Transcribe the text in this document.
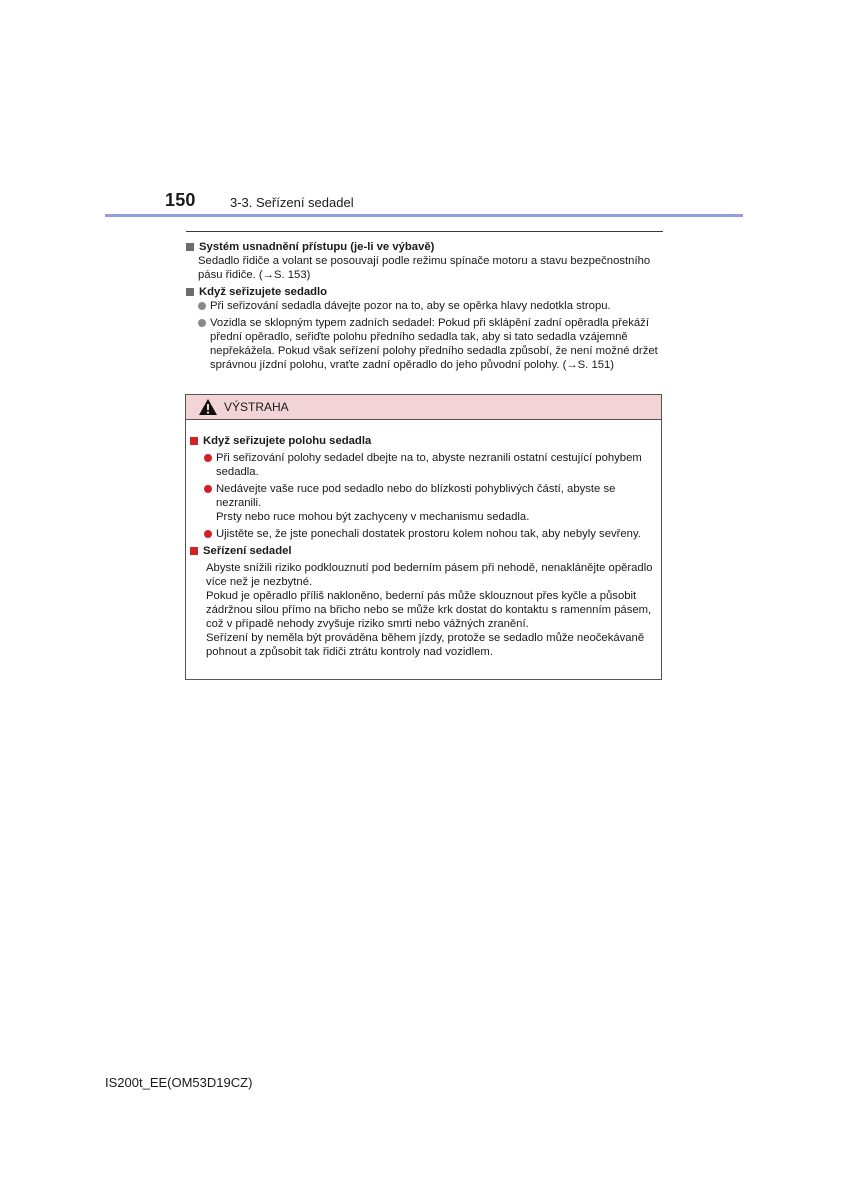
150	3-3. Seřízení sedadel
Systém usnadnění přístupu (je-li ve výbavě)
Sedadlo řidiče a volant se posouvají podle režimu spínače motoru a stavu bezpečnostního pásu řidiče. (→S. 153)
Když seřizujete sedadlo
Při seřizování sedadla dávejte pozor na to, aby se opěrka hlavy nedotkla stropu.
Vozidla se sklopným typem zadních sedadel: Pokud při sklápění zadní opěradla překáží přední opěradlo, seřiďte polohu předního sedadla tak, aby si tato sedadla vzájemně nepřekážela. Pokud však seřízení polohy předního sedadla způsobí, že není možné držet správnou jízdní polohu, vraťte zadní opěradlo do jeho původní polohy. (→S. 151)
VÝSTRAHA
Když seřizujete polohu sedadla
Při seřizování polohy sedadel dbejte na to, abyste nezranili ostatní cestující pohybem sedadla.
Nedávejte vaše ruce pod sedadlo nebo do blízkosti pohyblivých částí, abyste se nezranili.
Prsty nebo ruce mohou být zachyceny v mechanismu sedadla.
Ujistěte se, že jste ponechali dostatek prostoru kolem nohou tak, aby nebyly sevřeny.
Seřízení sedadel
Abyste snížili riziko podklouznutí pod bederním pásem při nehodě, nenaklánějte opěradlo více než je nezbytné.
Pokud je opěradlo příliš nakloněno, bederní pás může sklouznout přes kyčle a působit zádržnou silou přímo na břicho nebo se může krk dostat do kontaktu s ramenním pásem, což v případě nehody zvyšuje riziko smrti nebo vážných zranění.
Seřízení by neměla být prováděna během jízdy, protože se sedadlo může neočekávaně pohnout a způsobit tak řidiči ztrátu kontroly nad vozidlem.
IS200t_EE(OM53D19CZ)
